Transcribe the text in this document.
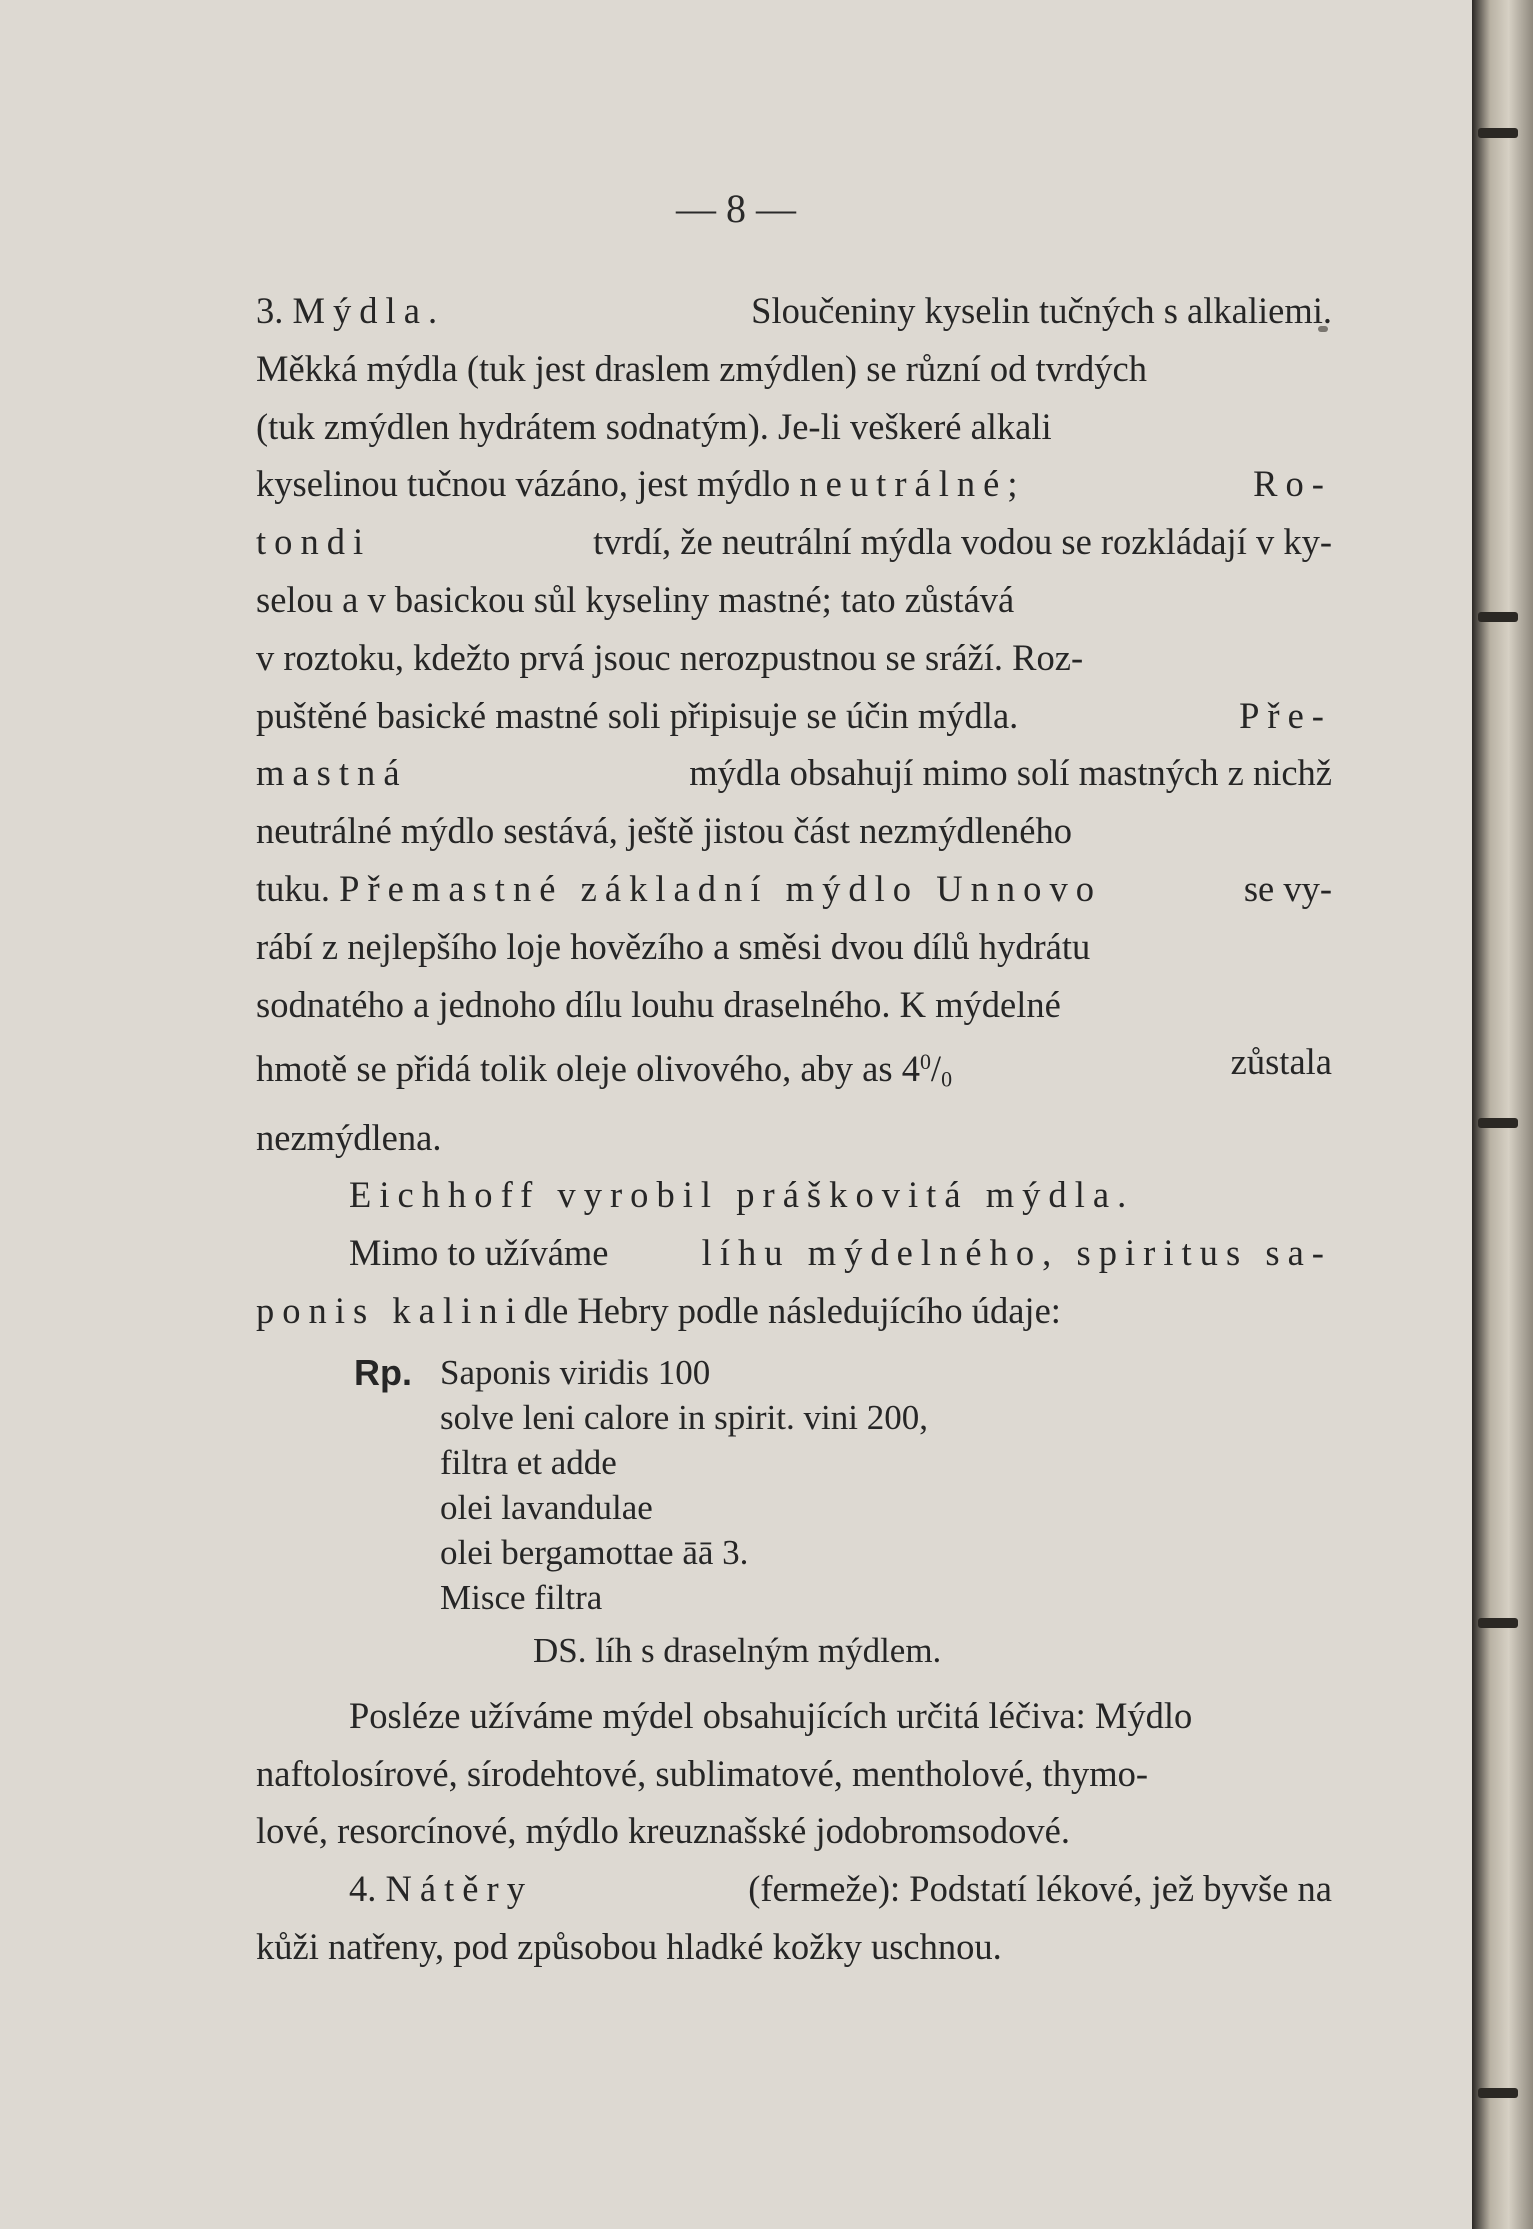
— 8 —
3. Mýdla.	Sloučeniny kyselin tučných s alkaliemi.
Měkká mýdla (tuk jest draslem zmýdlen) se různí od tvrdých
(tuk zmýdlen hydrátem sodnatým). Je-li veškeré alkali
kyselinou tučnou vázáno, jest mýdlo neutrálné;	Ro-
tondi	tvrdí, že neutrální mýdla vodou se rozkládají v ky-
selou a v basickou sůl kyseliny mastné; tato zůstává
v roztoku, kdežto prvá jsouc nerozpustnou se sráží. Roz-
puštěné basické mastné soli připisuje se účin mýdla.	Pře-
mastná	mýdla obsahují mimo solí mastných z nichž
neutrálné mýdlo sestává, ještě jistou část nezmýdleného
tuku. Přemastné základní mýdlo Unnovo	se vy-
rábí z nejlepšího loje hovězího a směsi dvou dílů hydrátu
sodnatého a jednoho dílu louhu draselného. K mýdelné
hmotě se přidá tolik oleje olivového, aby as $4^0/_0$	zůstala
nezmýdlena.
Eichhoff vyrobil práškovitá mýdla.
Mimo to užíváme	líhu mýdelného, spiritus sa-
ponis kalini dle Hebry podle následujícího údaje:
Rp. Saponis viridis 100
solve leni calore in spirit. vini 200,
filtra et adde
olei lavandulae
olei bergamottae āā 3.
Misce filtra
DS. líh s draselným mýdlem.
Posléze užíváme mýdel obsahujících určitá léčiva: Mýdlo
naftolosírové, sírodehtové, sublimatové, mentholové, thymo-
lové, resorcínové, mýdlo kreuznašské jodobromsodové.
4. Nátěry	(fermeže): Podstatí lékové, jež byvše na
kůži natřeny, pod způsobou hladké kožky uschnou.
